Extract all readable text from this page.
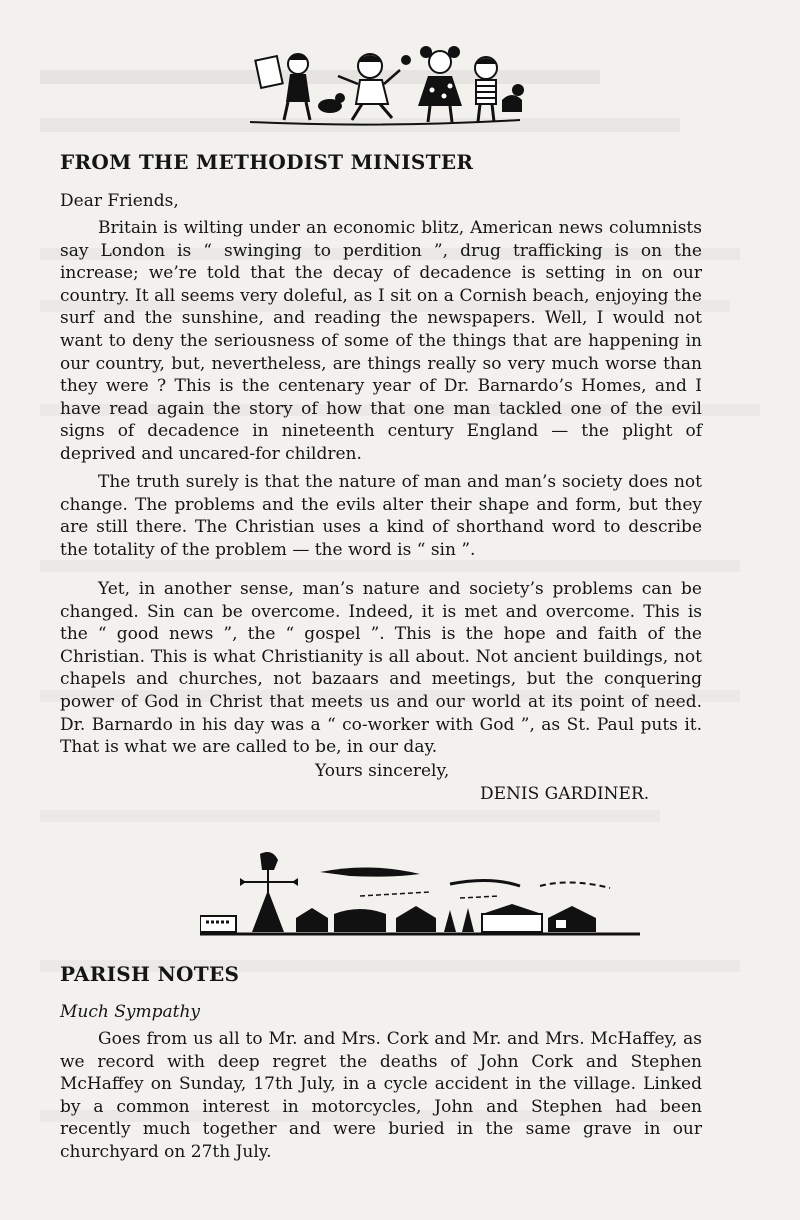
FROM THE METHODIST MINISTER

Dear Friends,

Britain is wilting under an economic blitz, American news columnists say London is “ swinging to perdition ”, drug trafficking is on the increase; we’re told that the decay of decadence is setting in on our country. It all seems very doleful, as I sit on a Cornish beach, enjoying the surf and the sunshine, and reading the newspapers. Well, I would not want to deny the seriousness of some of the things that are happening in our country, but, nevertheless, are things really so very much worse than they were ? This is the centenary year of Dr. Barnardo’s Homes, and I have read again the story of how that one man tackled one of the evil signs of decadence in nineteenth century England — the plight of deprived and uncared-for children.

The truth surely is that the nature of man and man’s society does not change. The problems and the evils alter their shape and form, but they are still there. The Christian uses a kind of shorthand word to describe the totality of the problem — the word is “ sin ”.

Yet, in another sense, man’s nature and society’s problems can be changed. Sin can be overcome. Indeed, it is met and overcome. This is the “ good news ”, the “ gospel ”. This is the hope and faith of the Christian. This is what Christianity is all about. Not ancient buildings, not chapels and churches, not bazaars and meetings, but the conquering power of God in Christ that meets us and our world at its point of need. Dr. Barnardo in his day was a “ co-worker with God ”, as St. Paul puts it. That is what we are called to be, in our day.

Yours sincerely,
DENIS GARDINER.
PARISH NOTES
Much Sympathy

Goes from us all to Mr. and Mrs. Cork and Mr. and Mrs. McHaffey, as we record with deep regret the deaths of John Cork and Stephen McHaffey on Sunday, 17th July, in a cycle accident in the village. Linked by a common interest in motorcycles, John and Stephen had been recently much together and were buried in the same grave in our churchyard on 27th July.
